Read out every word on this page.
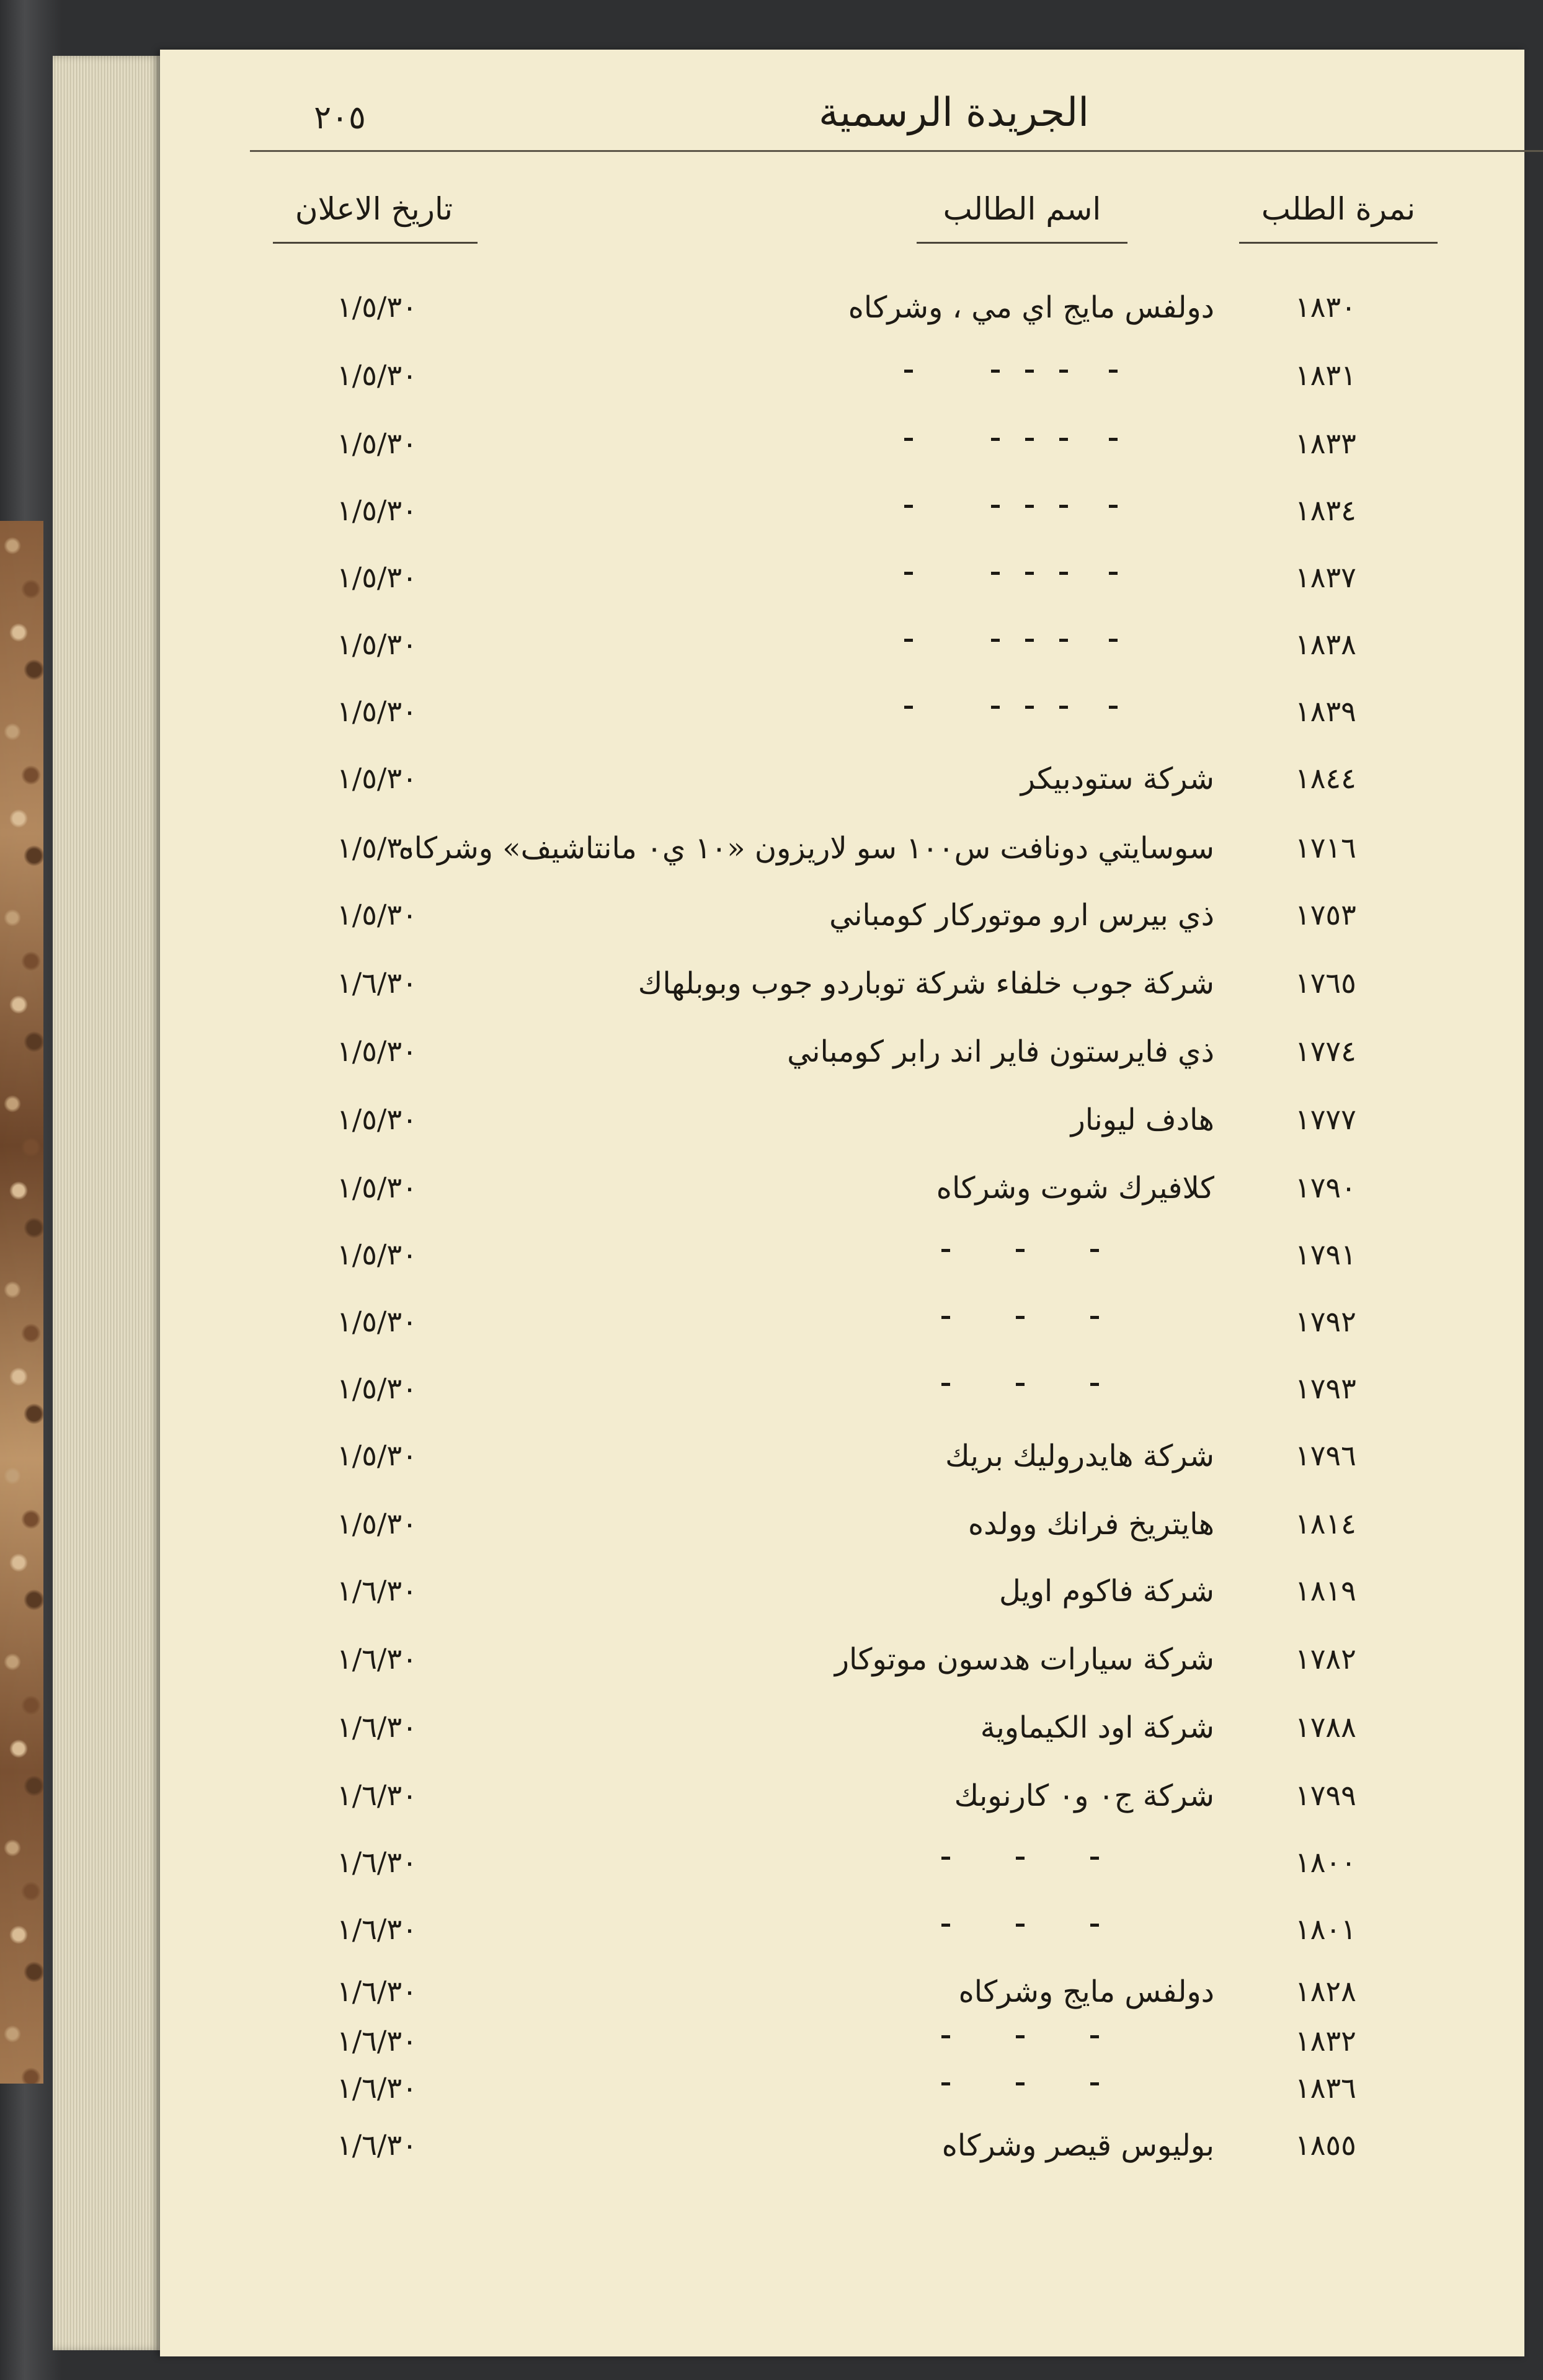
الجريدة الرسمية
٢٠٥
نمرة الطلب
اسم الطالب
تاريخ الاعلان
١٨٣٠
دولفس مايج اي مي ، وشركاه
١/٥/٣٠
١٨٣١
١/٥/٣٠
١٨٣٣
١/٥/٣٠
١٨٣٤
١/٥/٣٠
١٨٣٧
١/٥/٣٠
١٨٣٨
١/٥/٣٠
١٨٣٩
١/٥/٣٠
١٨٤٤
شركة ستودبيكر
١/٥/٣٠
١٧١٦
سوسايتي دونافت س١٠٠ سو لاريزون «١٠ ي٠ مانتاشيف» وشركاه
١/٥/٣٠
١٧٥٣
ذي بيرس ارو موتوركار كومباني
١/٥/٣٠
١٧٦٥
شركة جوب خلفاء شركة توباردو جوب وبوبلهاك
١/٦/٣٠
١٧٧٤
ذي فايرستون فاير اند رابر كومباني
١/٥/٣٠
١٧٧٧
هادف ليونار
١/٥/٣٠
١٧٩٠
كلافيرك شوت وشركاه
١/٥/٣٠
١٧٩١
١/٥/٣٠
١٧٩٢
١/٥/٣٠
١٧٩٣
١/٥/٣٠
١٧٩٦
شركة هايدروليك بريك
١/٥/٣٠
١٨١٤
هايتريخ فرانك وولده
١/٥/٣٠
١٨١٩
شركة فاكوم اويل
١/٦/٣٠
١٧٨٢
شركة سيارات هدسون موتوكار
١/٦/٣٠
١٧٨٨
شركة اود الكيماوية
١/٦/٣٠
١٧٩٩
شركة ج٠ و٠ كارنوبك
١/٦/٣٠
١٨٠٠
١/٦/٣٠
١٨٠١
١/٦/٣٠
١٨٢٨
دولفس مايج وشركاه
١/٦/٣٠
١٨٣٢
١/٦/٣٠
١٨٣٦
١/٦/٣٠
١٨٥٥
بوليوس قيصر وشركاه
١/٦/٣٠
